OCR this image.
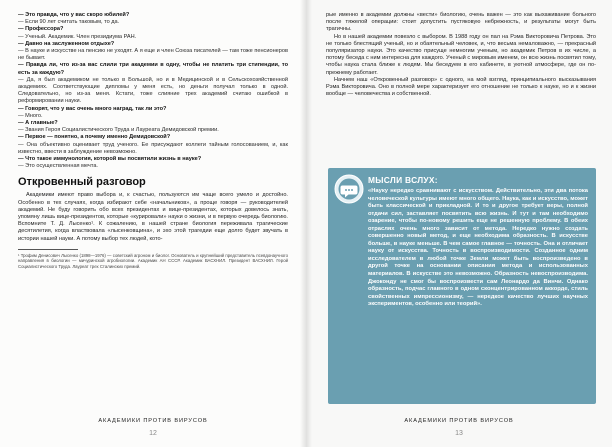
— Это правда, что у вас скоро юбилей?

— Если 90 лет считать таковым, то да.

— Профессора?

— Ученый. Академик. Член президиума РАН.

— Давно на заслуженном отдыхе?

— В науке и искусстве на пенсию не уходят. А я еще и член Союза писателей — там тоже пенсионеров не бывает.

— Правда ли, что из-за вас слили три академии в одну, чтобы не платить три стипендии, то есть за каждую?

— Да, я был академиком не только в Большой, но и в Медицинской и в Сельскохозяйственной академиях. Соответствующие дипломы у меня есть, но деньги получал только в одной. Следовательно, но из-за меня. Кстати, тоже слияние трех академий считаю ошибкой в реформировании науки.

— Говорят, что у вас очень много наград, так ли это?

— Много.

— А главные?

— Звания Героя Социалистического Труда и Лауреата Демидовской премии.

— Первое — понятно, а почему именно Демидовской?

— Она объективно оценивает труд ученого. Ее присуждают коллеги тайным голосованием, и, как известно, ввести в заблуждение невозможно.

— Что такое иммунология, которой вы посвятили жизнь в науке?

— Это осуществленная мечта.

Откровенный разговор

Академики имеют право выбора и, к счастью, пользуются им чаще всего умело и достойно. Особенно в тех случаях, когда избирают себе «начальников», а проще говоря — руководителей академий. Не буду говорить обо всех президентах и вице-президентах, которых довелось знать, упомяну лишь вице-президентов, которые «курировали» науки о жизни, и в первую очередь биологию. Вспомните Т. Д. Лысенко¹. К сожалению, в нашей стране биология переживала трагические десятилетия, когда властвовала «лысенковщина», и эхо этой трагедии еще долго будет звучать в истории нашей науки. А потому выбор тех людей, кото-

¹ Трофим Денисович Лысенко (1898—1976) — советский агроном и биолог. Основатель и крупнейший представитель псевдонаучного направления в биологии — мичуринской агробиологии. Академик АН СССР. Академик ВАСХНИЛ. Президент ВАСХНИЛ. Герой Социалистического Труда. Лауреат трех Сталинских премий.

АКАДЕМИКИ ПРОТИВ ВИРУСОВ
12

рые именно в академии должны «вести» биологию, очень важен — это как выхаживание больного после тяжелой операции: стоит допустить пустяковую небрежность, и результаты могут быть трагичны.

Но в нашей академии повезло с выбором. В 1988 году он пал на Рэма Викторовича Петрова. Это не только блестящий ученый, но и обаятельный человек, и, что весьма немаловажно, — прекрасный популяризатор науки. Это качество присуще немногим ученым, но академик Петров в их числе, а потому беседа с ним интересна для каждого. Ученый с мировым именем, он всю жизнь посвятил тому, чтобы наука стала ближе к людям. Мы беседуем в его кабинете, в уютной атмосфере, где он по-прежнему работает.

Начнем наш «Откровенный разговор» с одного, на мой взгляд, принципиального высказывания Рэма Викторовича. Оно в полной мере характеризует его отношение не только к науке, но и к жизни вообще — человечества и собственной.

МЫСЛИ ВСЛУХ:

«Науку нередко сравнивают с искусством. Действительно, эти два потока человеческой культуры имеют много общего. Наука, как и искусство, может быть классической и прикладной. И то и другое требует веры, полной отдачи сил, заставляет посвятить всю жизнь. И тут и там необходимо озарение, чтобы по-новому решить еще не решенную проблему. В обеих отраслях очень много зависит от метода. Нередко нужно создать совершенно новый метод, и еще необходима образность. В искусстве больше, в науке меньше. В чем самое главное — точность. Она и отличает науку от искусства. Точность в воспроизводимости. Созданное одним исследователем в любой точке Земли может быть воспроизведено в другой точке на основании описания метода и использованных материалов. В искусстве это невозможно. Образность невоспроизводима. Джоконду не смог бы воспроизвести сам Леонардо да Винчи. Однако образность, подчас главного в одном сконцентрированном аккорде, стиль свойственных импрессионизму, — нередкое качество лучших научных экспериментов, особенно или теорий».

АКАДЕМИКИ ПРОТИВ ВИРУСОВ
13
